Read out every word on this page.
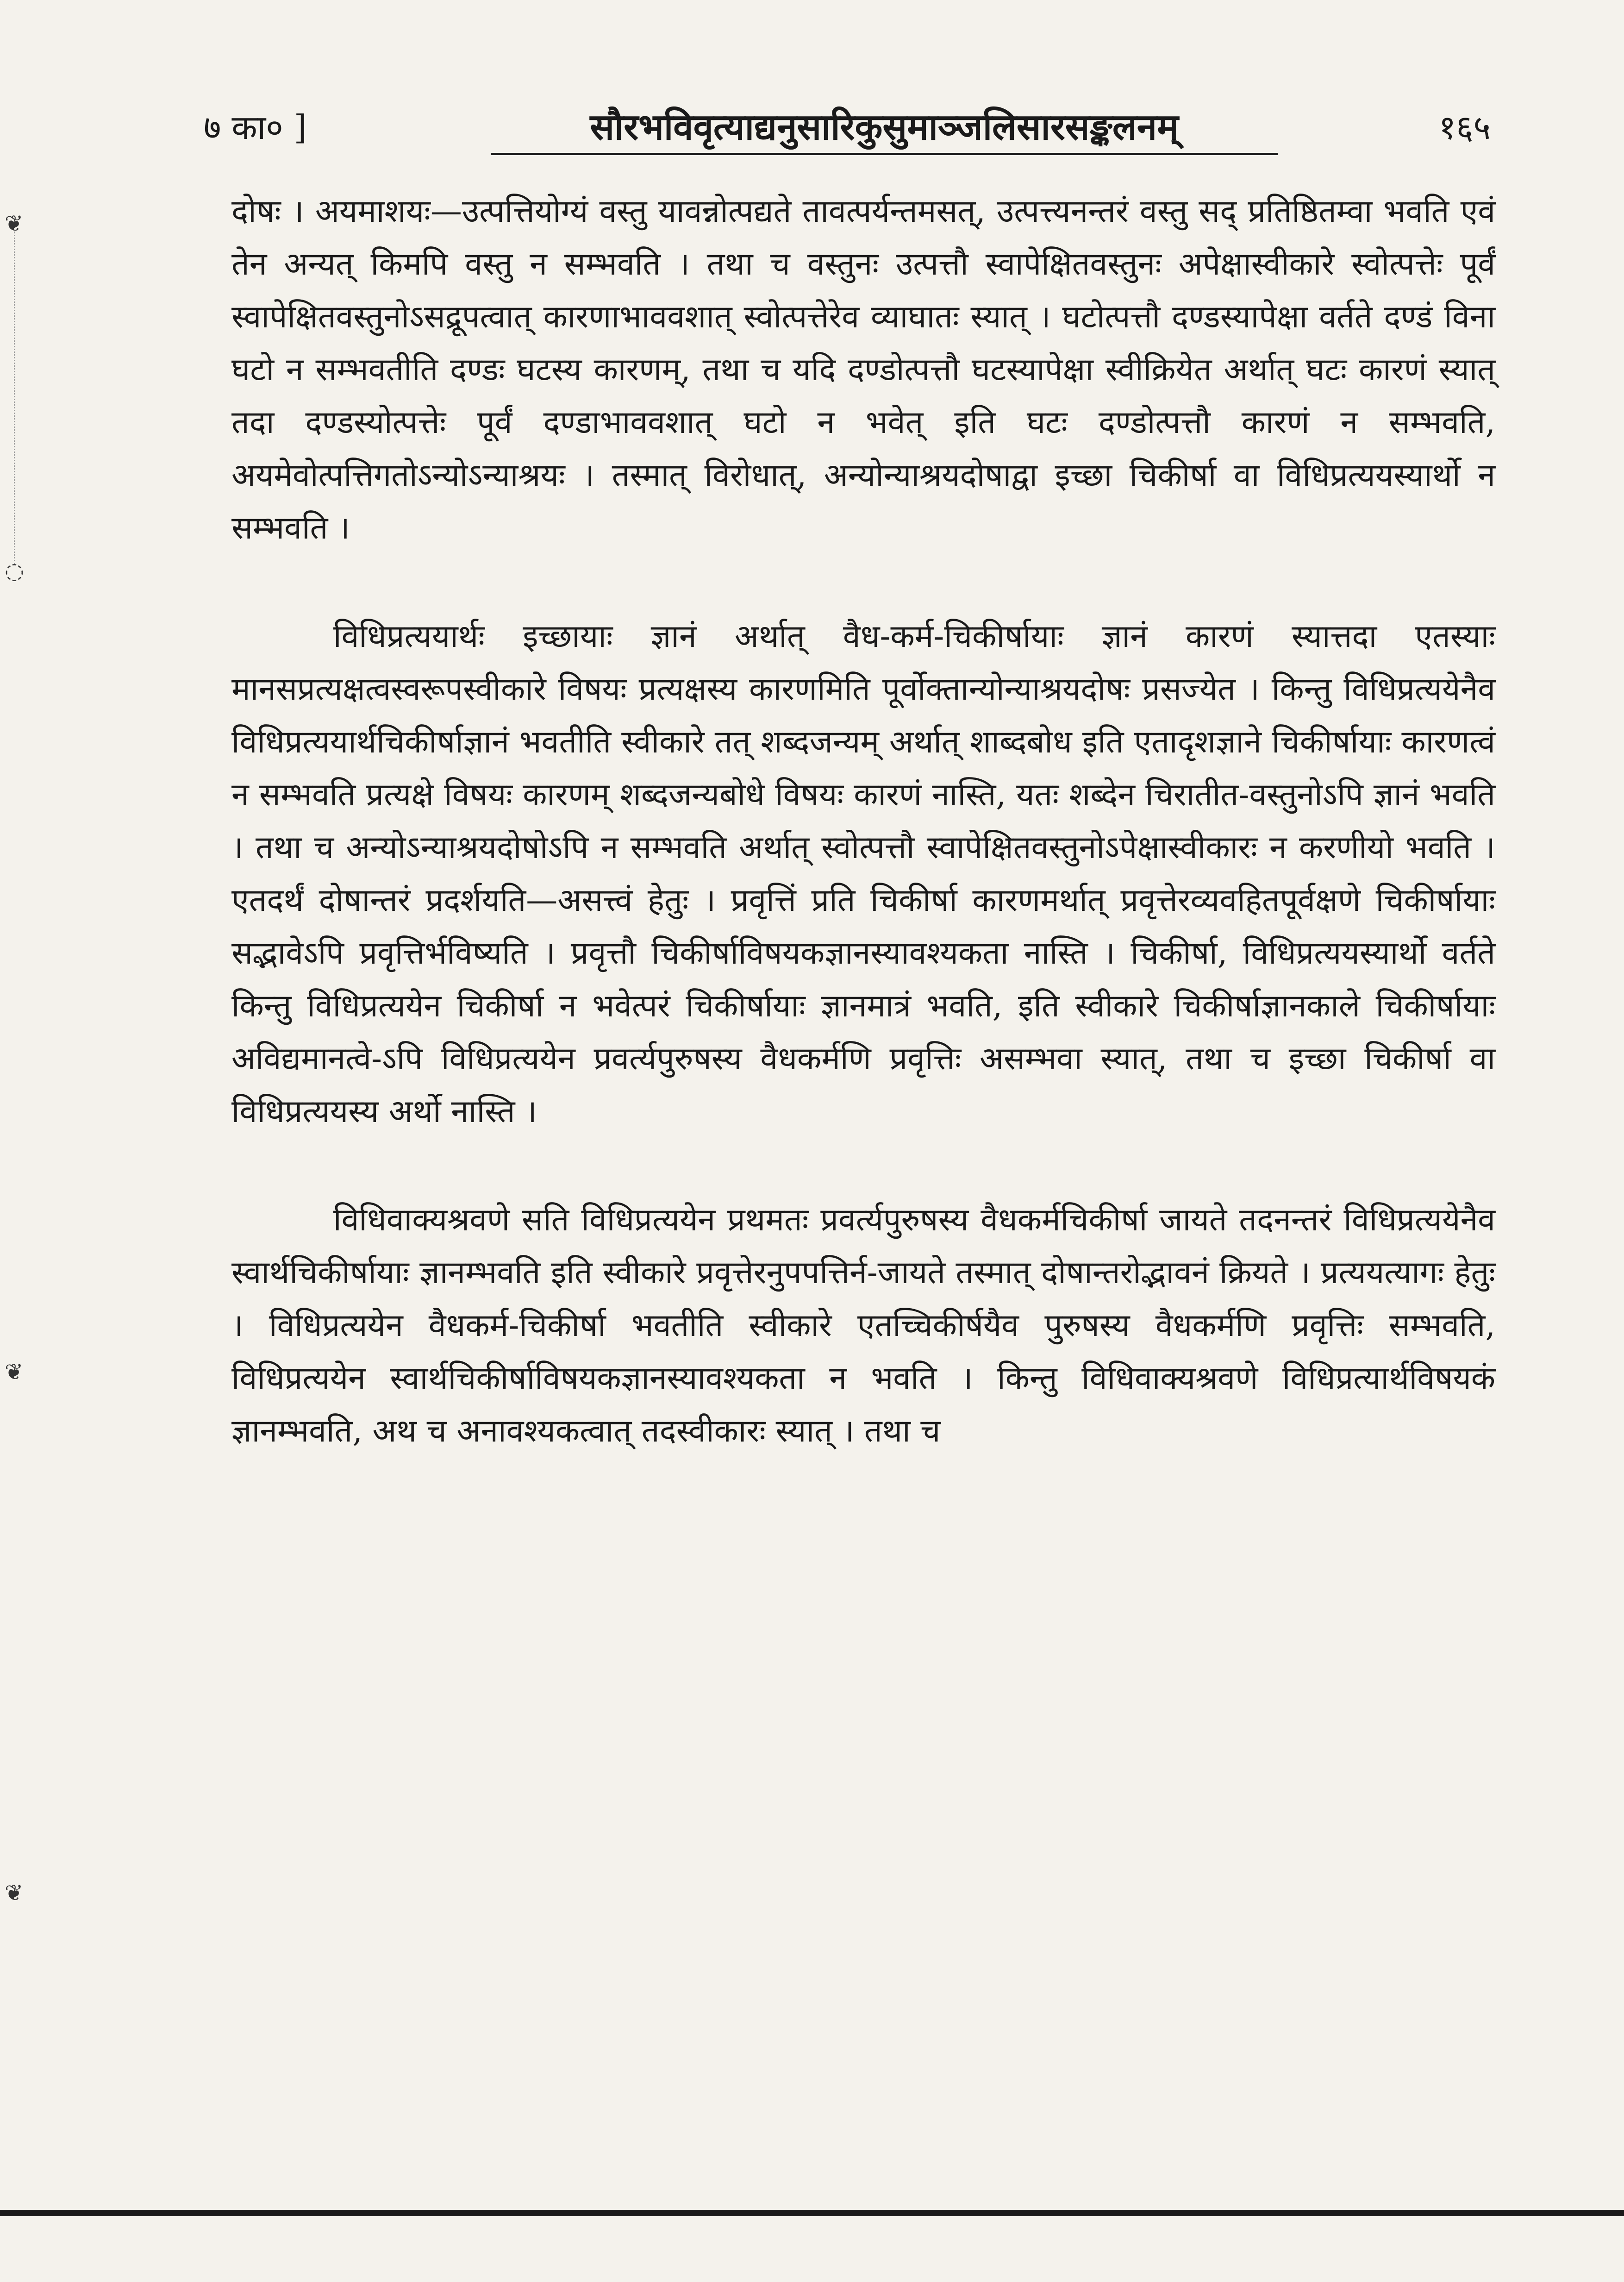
७ का० ]	सौरभविवृत्याद्यनुसारिकुसुमाञ्जलिसारसङ्कलनम्	१६५
❦
◌
❦
❦

दोषः । अयमाशयः—उत्पत्तियोग्यं वस्तु यावन्नोत्पद्यते तावत्पर्यन्तमसत्, उत्पत्त्यनन्तरं वस्तु सद् प्रतिष्ठितम्वा भवति एवं तेन अन्यत् किमपि वस्तु न सम्भवति । तथा च वस्तुनः उत्पत्तौ स्वापेक्षितवस्तुनः अपेक्षास्वीकारे स्वोत्पत्तेः पूर्वं स्वापेक्षितवस्तुनोऽसद्रूपत्वात् कारणाभाववशात् स्वोत्पत्तेरेव व्याघातः स्यात् । घटोत्पत्तौ दण्डस्यापेक्षा वर्तते दण्डं विना घटो न सम्भवतीति दण्डः घटस्य कारणम्, तथा च यदि दण्डोत्पत्तौ घटस्यापेक्षा स्वीक्रियेत अर्थात् घटः कारणं स्यात् तदा दण्डस्योत्पत्तेः पूर्वं दण्डाभाववशात् घटो न भवेत् इति घटः दण्डोत्पत्तौ कारणं न सम्भवति, अयमेवोत्पत्तिगतोऽन्योऽन्याश्रयः । तस्मात् विरोधात्, अन्योन्याश्रयदोषाद्वा इच्छा चिकीर्षा वा विधिप्रत्ययस्यार्थो न सम्भवति ।

विधिप्रत्ययार्थः इच्छायाः ज्ञानं अर्थात् वैध-कर्म-चिकीर्षायाः ज्ञानं कारणं स्यात्तदा एतस्याः मानसप्रत्यक्षत्वस्वरूपस्वीकारे विषयः प्रत्यक्षस्य कारणमिति पूर्वोक्तान्योन्याश्रयदोषः प्रसज्येत । किन्तु विधिप्रत्ययेनैव विधिप्रत्ययार्थचिकीर्षाज्ञानं भवतीति स्वीकारे तत् शब्दजन्यम् अर्थात् शाब्दबोध इति एतादृशज्ञाने चिकीर्षायाः कारणत्वं न सम्भवति प्रत्यक्षे विषयः कारणम् शब्दजन्यबोधे विषयः कारणं नास्ति, यतः शब्देन चिरातीत-वस्तुनोऽपि ज्ञानं भवति । तथा च अन्योऽन्याश्रयदोषोऽपि न सम्भवति अर्थात् स्वोत्पत्तौ स्वापेक्षितवस्तुनोऽपेक्षास्वीकारः न करणीयो भवति । एतदर्थं दोषान्तरं प्रदर्शयति—असत्त्वं हेतुः । प्रवृत्तिं प्रति चिकीर्षा कारणमर्थात् प्रवृत्तेरव्यवहितपूर्वक्षणे चिकीर्षायाः सद्भावेऽपि प्रवृत्तिर्भविष्यति । प्रवृत्तौ चिकीर्षाविषयकज्ञानस्यावश्यकता नास्ति । चिकीर्षा, विधिप्रत्ययस्यार्थो वर्तते किन्तु विधिप्रत्ययेन चिकीर्षा न भवेत्परं चिकीर्षायाः ज्ञानमात्रं भवति, इति स्वीकारे चिकीर्षाज्ञानकाले चिकीर्षायाः अविद्यमानत्वे-ऽपि विधिप्रत्ययेन प्रवर्त्यपुरुषस्य वैधकर्मणि प्रवृत्तिः असम्भवा स्यात्, तथा च इच्छा चिकीर्षा वा विधिप्रत्ययस्य अर्थो नास्ति ।

विधिवाक्यश्रवणे सति विधिप्रत्ययेन प्रथमतः प्रवर्त्यपुरुषस्य वैधकर्मचिकीर्षा जायते तदनन्तरं विधिप्रत्ययेनैव स्वार्थचिकीर्षायाः ज्ञानम्भवति इति स्वीकारे प्रवृत्तेरनुपपत्तिर्न-जायते तस्मात् दोषान्तरोद्भावनं क्रियते । प्रत्ययत्यागः हेतुः । विधिप्रत्ययेन वैधकर्म-चिकीर्षा भवतीति स्वीकारे एतच्चिकीर्षयैव पुरुषस्य वैधकर्मणि प्रवृत्तिः सम्भवति, विधिप्रत्ययेन स्वार्थचिकीर्षाविषयकज्ञानस्यावश्यकता न भवति । किन्तु विधिवाक्यश्रवणे विधिप्रत्यार्थविषयकं ज्ञानम्भवति, अथ च अनावश्यकत्वात् तदस्वीकारः स्यात् । तथा च
